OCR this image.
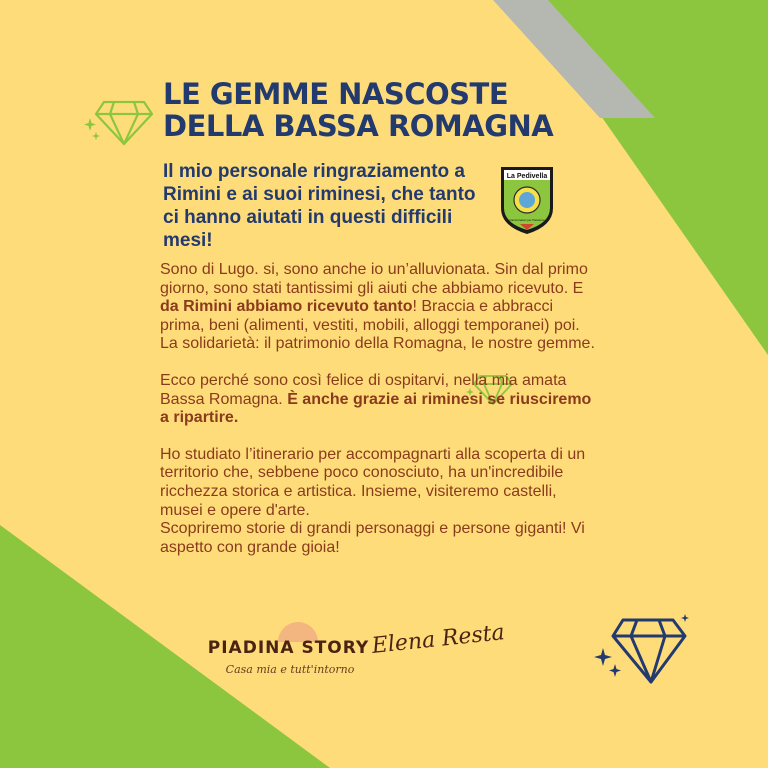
LE GEMME NASCOSTE
DELLA BASSA ROMAGNA

Il mio personale ringraziamento a Rimini e ai suoi riminesi, che tanto ci hanno aiutati in questi difficili mesi!

La Pedivella
Camminatori per Passione

Sono di Lugo. si, sono anche io un’alluvionata. Sin dal primo giorno, sono stati tantissimi gli aiuti che abbiamo ricevuto. E da Rimini abbiamo ricevuto tanto! Braccia e abbracci prima, beni (alimenti, vestiti, mobili, alloggi temporanei) poi. La solidarietà: il patrimonio della Romagna, le nostre gemme.

Ecco perché sono così felice di ospitarvi, nella mia amata Bassa Romagna. È anche grazie ai riminesi se riusciremo a ripartire.

Ho studiato l’itinerario per accompagnarti alla scoperta di un territorio che, sebbene poco conosciuto, ha un'incredibile ricchezza storica e artistica. Insieme, visiteremo castelli, musei e opere d'arte.
Scopriremo storie di grandi personaggi e persone giganti! Vi aspetto con grande gioia!

PIADINA STORY
Casa mia e tutt'intorno
Elena Resta
